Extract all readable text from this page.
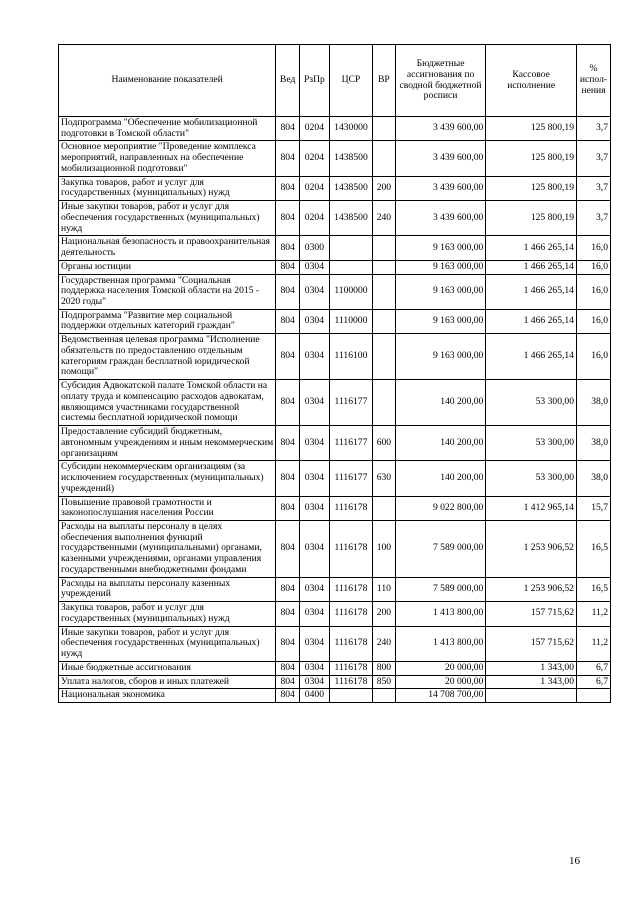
Наименование показателей	Вед	РзПр	ЦСР	ВР	Бюджетные ассигнования по сводной бюджетной росписи	Кассовое исполнение	% испол-нения
Подпрограмма "Обеспечение мобилизационной подготовки в Томской области"	804	0204	1430000		3 439 600,00	125 800,19	3,7
Основное мероприятие "Проведение комплекса мероприятий, направленных на обеспечение мобилизационной подготовки"	804	0204	1438500		3 439 600,00	125 800,19	3,7
Закупка товаров, работ и услуг для государственных (муниципальных) нужд	804	0204	1438500	200	3 439 600,00	125 800,19	3,7
Иные закупки товаров, работ и услуг для обеспечения государственных (муниципальных) нужд	804	0204	1438500	240	3 439 600,00	125 800,19	3,7
Национальная безопасность и правоохранительная деятельность	804	0300			9 163 000,00	1 466 265,14	16,0
Органы юстиции	804	0304			9 163 000,00	1 466 265,14	16,0
Государственная программа "Социальная поддержка населения Томской области на 2015 - 2020 годы"	804	0304	1100000		9 163 000,00	1 466 265,14	16,0
Подпрограмма "Развитие мер социальной поддержки отдельных категорий граждан"	804	0304	1110000		9 163 000,00	1 466 265,14	16,0
Ведомственная целевая программа "Исполнение обязательств по предоставлению отдельным категориям граждан бесплатной юридической помощи"	804	0304	1116100		9 163 000,00	1 466 265,14	16,0
Субсидия Адвокатской палате Томской области на оплату труда и компенсацию расходов адвокатам, являющимся участниками государственной системы бесплатной юридической помощи	804	0304	1116177		140 200,00	53 300,00	38,0
Предоставление субсидий бюджетным, автономным учреждениям и иным некоммерческим организациям	804	0304	1116177	600	140 200,00	53 300,00	38,0
Субсидии некоммерческим организациям (за исключением государственных (муниципальных) учреждений)	804	0304	1116177	630	140 200,00	53 300,00	38,0
Повышение правовой грамотности и законопослушания населения России	804	0304	1116178		9 022 800,00	1 412 965,14	15,7
Расходы на выплаты персоналу в целях обеспечения выполнения функций государственными (муниципальными) органами, казенными учреждениями, органами управления государственными внебюджетными фондами	804	0304	1116178	100	7 589 000,00	1 253 906,52	16,5
Расходы на выплаты персоналу казенных учреждений	804	0304	1116178	110	7 589 000,00	1 253 906,52	16,5
Закупка товаров, работ и услуг для государственных (муниципальных) нужд	804	0304	1116178	200	1 413 800,00	157 715,62	11,2
Иные закупки товаров, работ и услуг для обеспечения государственных (муниципальных) нужд	804	0304	1116178	240	1 413 800,00	157 715,62	11,2
Иные бюджетные ассигнования	804	0304	1116178	800	20 000,00	1 343,00	6,7
Уплата налогов, сборов и иных платежей	804	0304	1116178	850	20 000,00	1 343,00	6,7
Национальная экономика	804	0400			14 708 700,00		
16
